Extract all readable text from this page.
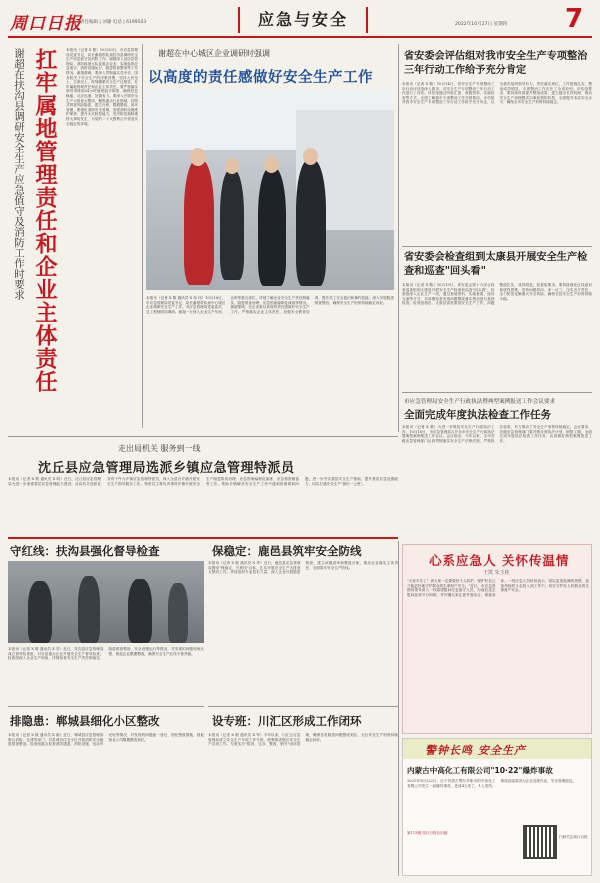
周口日报
责任编辑 | 刘璐 电话 | 6199503	应急与安全	2022年10月27日 星期四 7
谢超在扶沟县调研安全生产应急值守及消防工作时要求 扛牢属地管理责任和企业主体责任	本报讯（记者 X 敬）10月20日，市应急管理局党委书记、局长谢超带队到扶沟县调研安全生产应急值守及消防工作。谢超深入县应急管理局、消防救援大队及重点企业，实地检查应急值守、消防设施运行、隐患排查整治等工作情况。谢超强调，要深入贯彻落实党中央、国务院关于安全生产的决策部署，坚持人民至上、生命至上，时刻绷紧安全生产这根弦，扛牢属地管理责任和企业主体责任。要严格落实领导带班和24小时值班值守制度，确保信息畅通、反应迅速、处置有力。要深入开展安全生产大排查大整治，聚焦重点行业领域，拉网式排查风险隐患，建立台账、限期整改、闭环管理。要强化消防安全管理，加强消防设施维护保养，提升火灾防控能力，坚决防范遏制重特大事故发生，为党的二十大胜利召开营造安全稳定的环境。
谢超在中心城区企业调研时强调
以高度的责任感做好安全生产工作
本报讯（记者 X 敬 通讯员 X 伟 伟）10月18日，市应急管理局党委书记、局长谢超带队到中心城区企业调研安全生产工作。市应急管理局党委委员、总工程师陪同调研。谢超一行深入企业生产车间、仓库等重点部位，详细了解企业安全生产责任制落实、隐患排查治理、应急预案编制及演练等情况。谢超强调，各企业要以高度的责任感做好安全生产工作，严格落实企业主体责任，加强安全教育培训，提升员工安全意识和操作技能，深入开展隐患排查整治，确保安全生产形势持续稳定向好。
省安委会评估组对我市安全生产专项整治三年行动工作给予充分肯定
本报讯（记者 X 敬）10月14日，省安全生产专项整治三年行动评估组深入我市，对安全生产专项整治三年行动工作进行了评估。评估组通过听取汇报、查阅资料、实地检查等方式，全面了解我市专项整治工作开展情况。评估组对我市安全生产专项整治三年行动工作给予充分肯定，认为我市组织领导有力，责任落实到位，工作措施扎实，整治成效明显，专项整治工作走在了全省前列。评估组要求，要持续巩固提升整治成果，建立健全长效机制，推动安全生产治理模式向事前预防转型，全面提升本质安全水平，确保全市安全生产形势持续稳定。
省安委会检查组到太康县开展安全生产检查和巡查"回头看"
本报讯（记者 X 敬）10月19日，省安委会第十六综合检查巡查组到太康县开展安全生产检查和巡查"回头看"。检查组深入企业生产一线，通过查阅资料、实地查看、座谈交流等方式，对前期检查发现问题整改落实情况进行复核检查。检查组指出，太康县高度重视安全生产工作，问题整改扎实，成效明显。检查组要求，要持续强化红线意识和底线思维，坚持问题导向，举一反三，压实各方责任，全力防范化解重大安全风险，确保全县安全生产形势持续平稳。
市应急管理局安全生产行政执法暨典型案例报送工作会议要求
全面完成年度执法检查工作任务
本报讯（记者 X 敬）为进一步规范安全生产行政执法工作，10月18日，市应急管理局召开全市安全生产行政执法暨典型案例报送工作会议。会议指出，今年以来，全市各级应急管理部门认真贯彻落实安全生产法律法规，严格执法检查，有力推动了安全生产形势持续稳定。会议要求，各级应急管理部门要对照年度执法计划，倒排工期，全面完成年度执法检查工作任务，认真做好典型案例报送工作。
走出局机关 服务到一线
沈丘县应急管理局选派乡镇应急管理特派员
本报讯（记者 X 敬 通讯员 X 明）近日，沈丘县应急管理局为进一步加强基层应急管理能力建设，从局机关选派业务骨干作为乡镇应急管理特派员，深入全县各乡镇开展安全生产指导服务工作。特派员主要负责指导乡镇开展安全生产隐患排查治理、应急预案编制及演练、应急物资储备等工作，帮助乡镇解决安全生产工作中遇到的困难和问题，进一步夯实基层安全生产基础，提升基层应急处置能力，切实打通安全生产"最后一公里"。
守红线：扶沟县强化督导检查
本报讯（记者 X 敬 通讯员 X 芳）近日，扶沟县应急管理局成立督导检查组，对全县重点企业开展安全生产督导检查。检查组深入企业生产现场，详细检查安全生产责任制落实、隐患排查整治、安全设施运行等情况，对发现的问题现场反馈，督促企业限期整改，确保安全生产红线不被突破。
保稳定：鹿邑县筑牢安全防线
本报讯（记者 X 敬 通讯员 X 华）近日，鹿邑县应急管理局围绕"保稳定、守底线"目标，扎实开展安全生产大排查大整治工作。该局组织专业技术力量，深入企业开展隐患排查，建立问题清单和整改台账，推动企业落实主体责任，全面筑牢安全生产防线。
排隐患：郸城县细化小区整改
本报讯（记者 X 敬 通讯员 X 丽）近日，郸城县应急管理局联合消防、住建等部门，对县城各住宅小区开展消防安全隐患排查整治。检查组重点检查消防通道、消防设施、电动车充电等情况，对发现的问题逐一登记、细化整改措施，督促物业公司限期整改到位。
设专班：川汇区形成工作闭环
本报讯（记者 X 敬 通讯员 X 军）今年以来，川汇区应急管理局成立安全生产专项工作专班，统筹推进辖区安全生产各项工作。专班实行"排查、交办、整改、销号"闭环管理，确保各类隐患问题整改到位，全区安全生产形势持续稳定向好。
心系应急人 关怀传温情
王凯 朱玉桂
"大家辛苦了！请大家一定要做好个人防护，保护好自己才能更好地守护群众的生命财产安全。"近日，市应急管理局领导深入一线看望慰问应急值守人员，为他们送去慰问品和节日问候，并叮嘱大家注意劳逸结合，保重身体。一线应急人员纷纷表示，将以更加饱满的热情、更加昂扬的斗志投入到工作中，切实守护好人民群众的生命财产安全。
警钟长鸣 安全生产
内蒙古中高化工有限公司"10·22"爆炸事故
2021年10月22日，位于内蒙古鄂尔多斯市的中高化工有限公司发生一起爆炸事故，造成4人死亡、1人受伤。事故直接原因为企业违规作业，安全管理混乱。
第113期 周口日报社出版
扫码关注周口日报
